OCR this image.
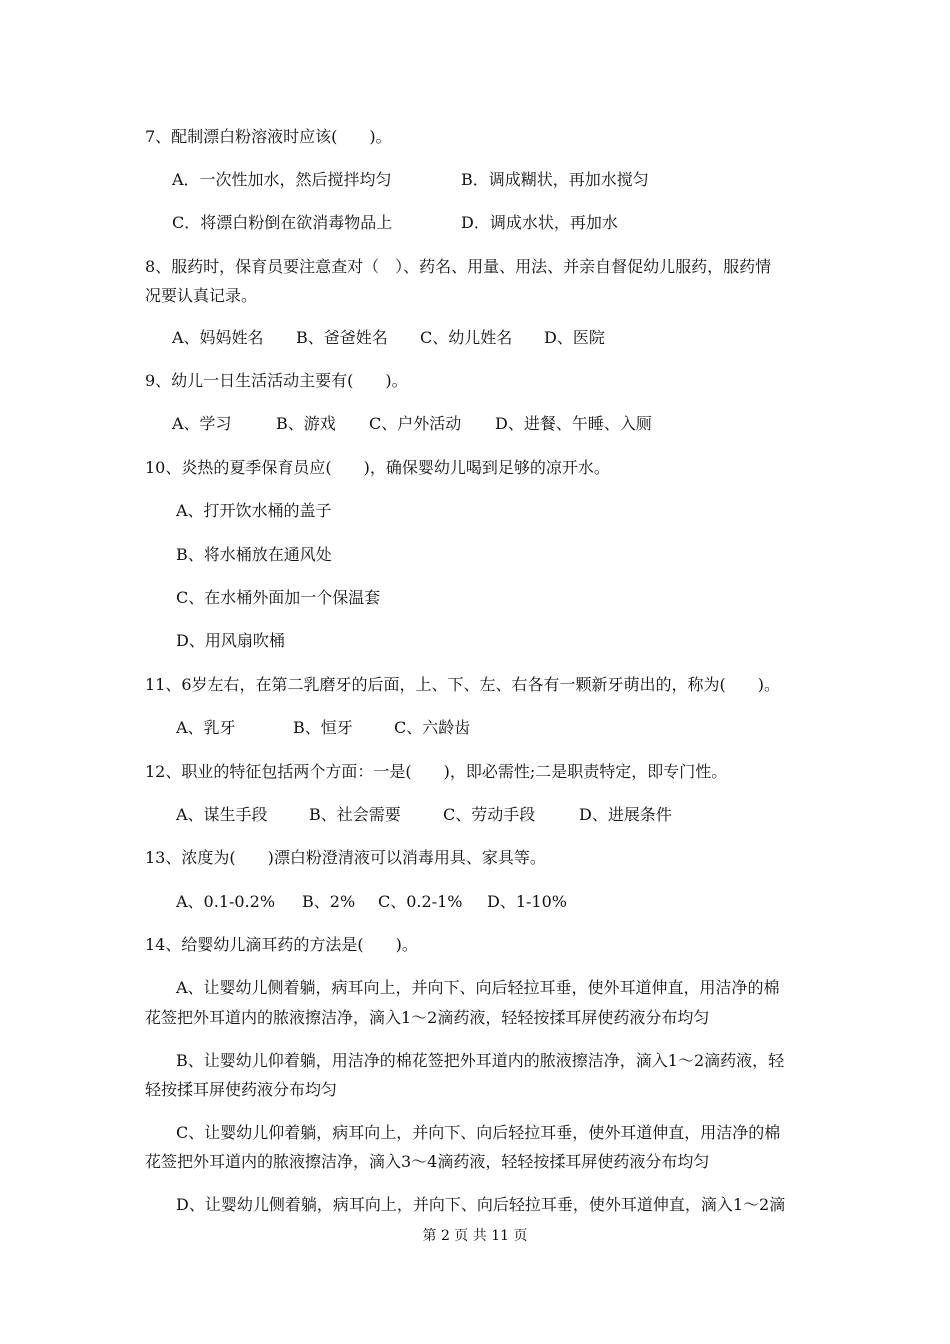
7、配制漂白粉溶液时应该(　　)。
A．一次性加水，然后搅拌均匀	B．调成糊状，再加水搅匀
C．将漂白粉倒在欲消毒物品上	D．调成水状，再加水
8、服药时，保育员要注意查对（　）、药名、用量、用法、并亲自督促幼儿服药，服药情
况要认真记录。
A、妈妈姓名 B、爸爸姓名 C、幼儿姓名 D、医院
9、幼儿一日生活活动主要有(　　)。
A、学习	B、游戏 C、户外活动 D、进餐、午睡、入厕
10、炎热的夏季保育员应(　　)，确保婴幼儿喝到足够的凉开水。
A、打开饮水桶的盖子
B、将水桶放在通风处
C、在水桶外面加一个保温套
D、用风扇吹桶
11、6岁左右，在第二乳磨牙的后面，上、下、左、右各有一颗新牙萌出的，称为(　　)。
A、乳牙	B、恒牙	C、六龄齿
12、职业的特征包括两个方面：一是(　　)，即必需性;二是职责特定，即专门性。
A、谋生手段	B、社会需要	C、劳动手段	D、进展条件
13、浓度为(　　)漂白粉澄清液可以消毒用具、家具等。
A、0.1-0.2% B、2% C、0.2-1% D、1-10%
14、给婴幼儿滴耳药的方法是(　　)。
A、让婴幼儿侧着躺，病耳向上，并向下、向后轻拉耳垂，使外耳道伸直，用洁净的棉
花签把外耳道内的脓液擦洁净，滴入1～2滴药液，轻轻按揉耳屏使药液分布均匀
B、让婴幼儿仰着躺，用洁净的棉花签把外耳道内的脓液擦洁净，滴入1～2滴药液，轻
轻按揉耳屏使药液分布均匀
C、让婴幼儿仰着躺，病耳向上，并向下、向后轻拉耳垂，使外耳道伸直，用洁净的棉
花签把外耳道内的脓液擦洁净，滴入3～4滴药液，轻轻按揉耳屏使药液分布均匀
D、让婴幼儿侧着躺，病耳向上，并向下、向后轻拉耳垂，使外耳道伸直，滴入1～2滴
第 2 页 共 11 页
